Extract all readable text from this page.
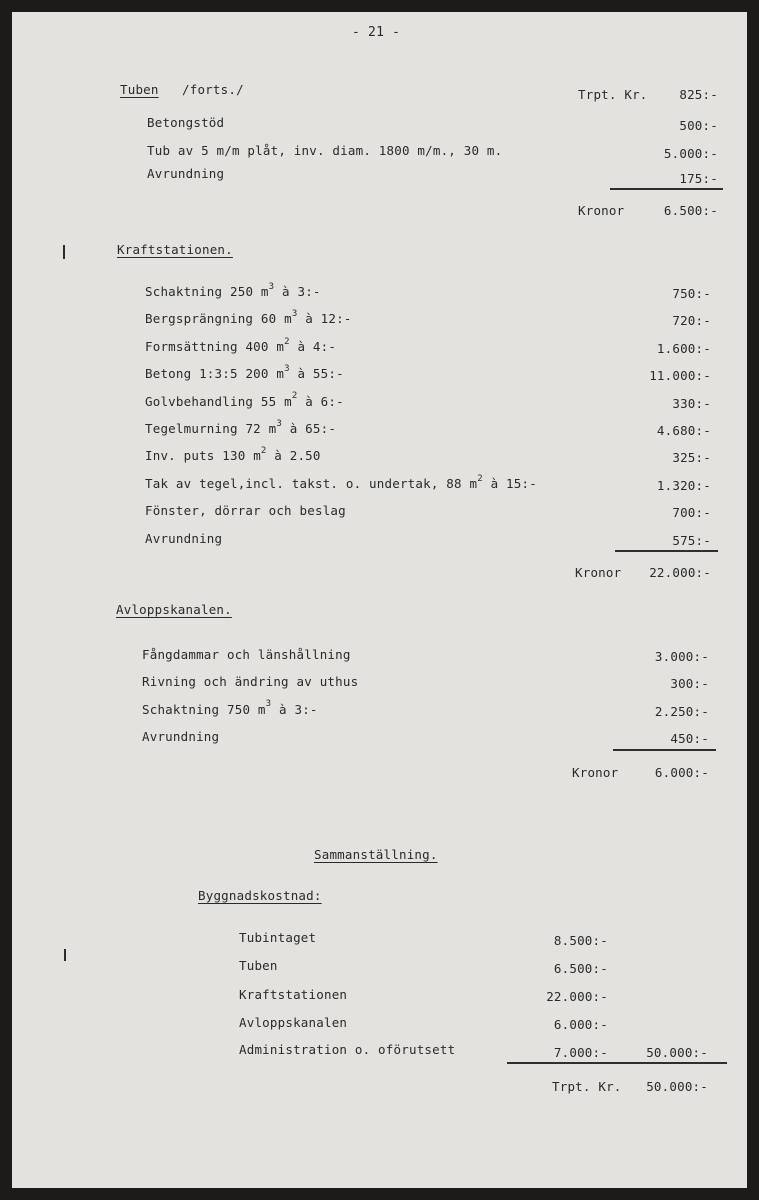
- 21 -
Tuben /forts./	Trpt. Kr.	825:-
Betongstöd	500:-
Tub av 5 m/m plåt, inv. diam. 1800 m/m., 30 m.	5.000:-
Avrundning	175:-
Kronor	6.500:-
Kraftstationen.
Schaktning 250 $m^3$ à 3:-	750:-
Bergsprängning 60 $m^3$ à 12:-	720:-
Formsättning 400 $m^2$ à 4:-	1.600:-
Betong 1:3:5 200 $m^3$ à 55:-	11.000:-
Golvbehandling 55 $m^2$ à 6:-	330:-
Tegelmurning 72 $m^3$ à 65:-	4.680:-
Inv. puts 130 $m^2$ à 2.50	325:-
Tak av tegel,incl. takst. o. undertak, 88 $m^2$ à 15:-	1.320:-
Fönster, dörrar och beslag	700:-
Avrundning	575:-
Kronor	22.000:-
Avloppskanalen.
Fångdammar och länshållning	3.000:-
Rivning och ändring av uthus	300:-
Schaktning 750 $m^3$ à 3:-	2.250:-
Avrundning	450:-
Kronor	6.000:-
Sammanställning.
Byggnadskostnad:
Tubintaget	8.500:-
Tuben	6.500:-
Kraftstationen	22.000:-
Avloppskanalen	6.000:-
Administration o. oförutsett	7.000:-	50.000:-
Trpt. Kr.	50.000:-
